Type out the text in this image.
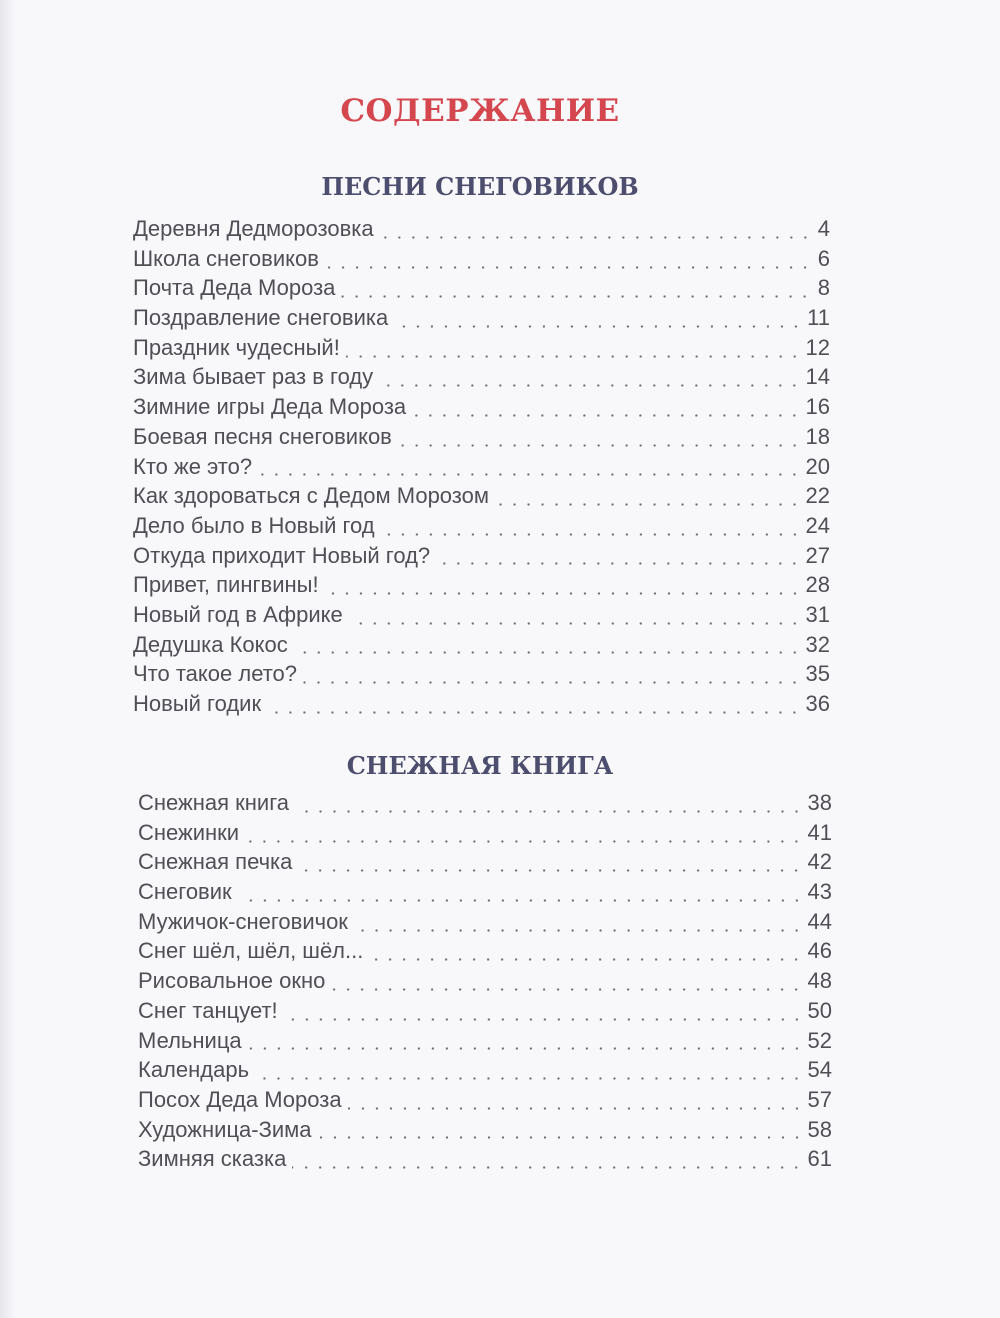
СОДЕРЖАНИЕ
ПЕСНИ СНЕГОВИКОВ
Деревня Дедморозовка	4
Школа снеговиков	6
Почта Деда Мороза	8
Поздравление снеговика	11
Праздник чудесный!	12
Зима бывает раз в году	14
Зимние игры Деда Мороза	16
Боевая песня снеговиков	18
Кто же это?	20
Как здороваться с Дедом Морозом	22
Дело было в Новый год	24
Откуда приходит Новый год?	27
Привет, пингвины!	28
Новый год в Африке	31
Дедушка Кокос	32
Что такое лето?	35
Новый годик	36
СНЕЖНАЯ КНИГА
Снежная книга	38
Снежинки	41
Снежная печка	42
Снеговик	43
Мужичок-снеговичок	44
Снег шёл, шёл, шёл...	46
Рисовальное окно	48
Снег танцует!	50
Мельница	52
Календарь	54
Посох Деда Мороза	57
Художница-Зима	58
Зимняя сказка	61
